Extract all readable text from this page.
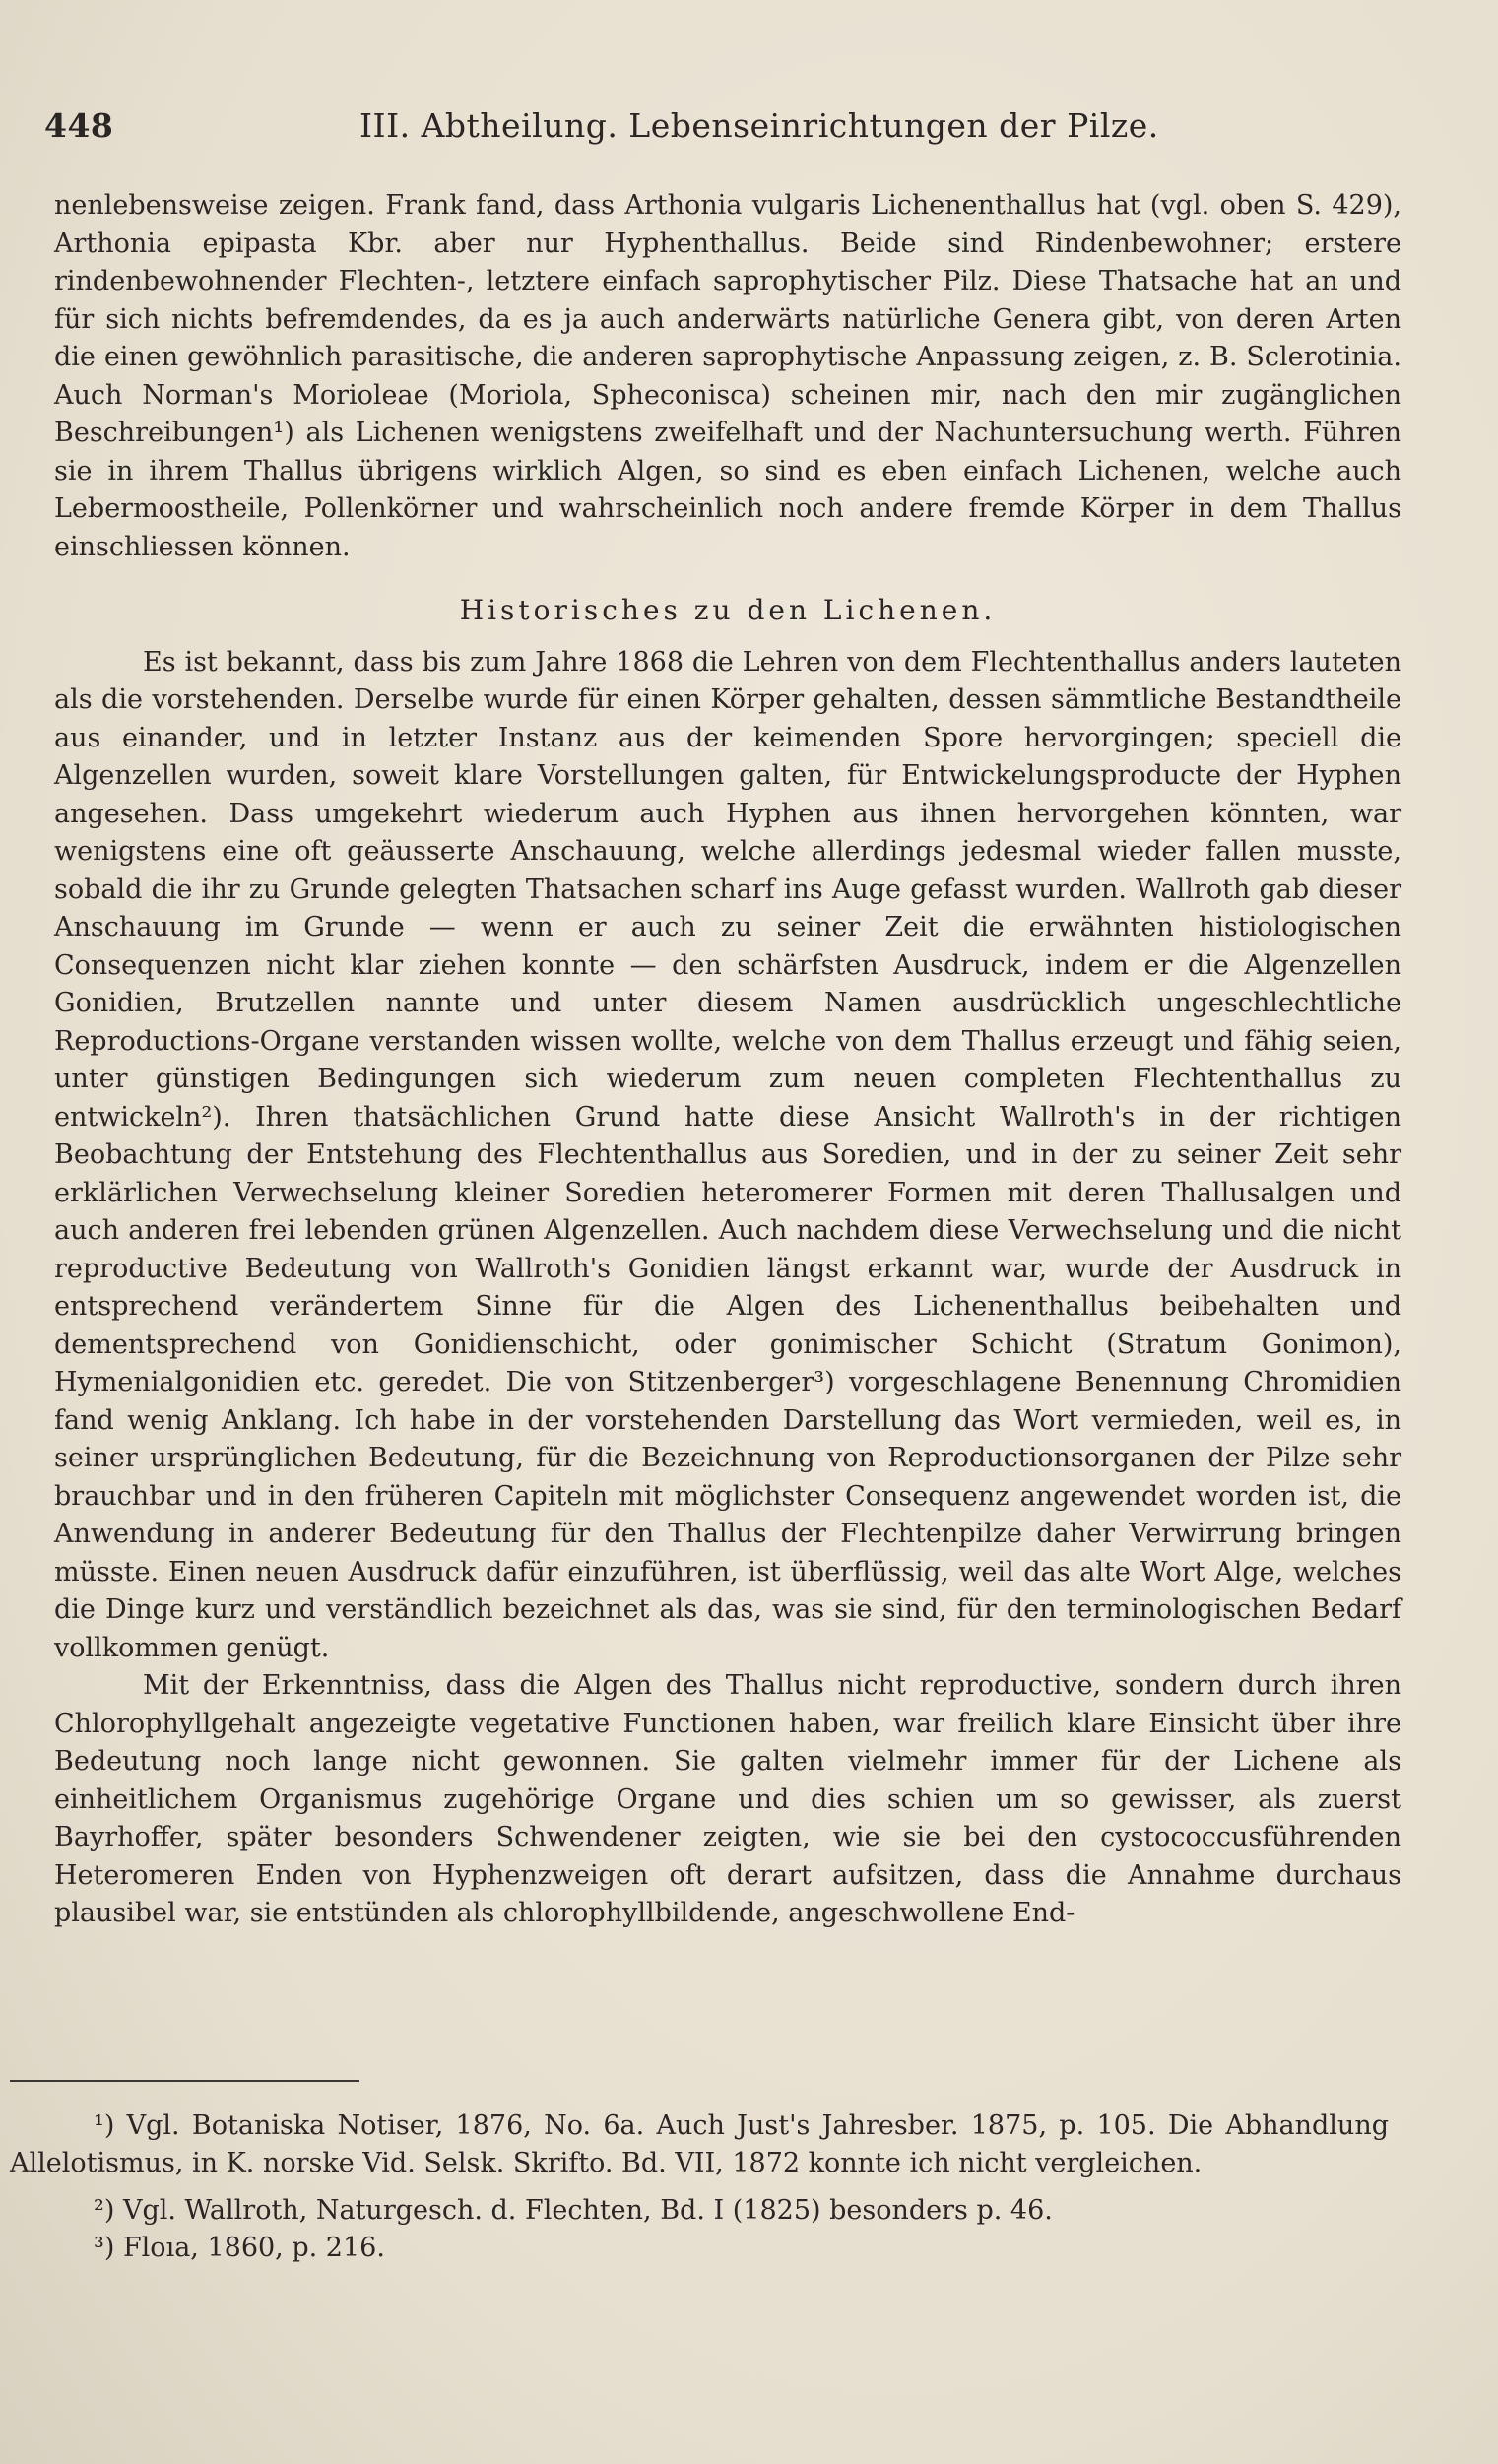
448	III. Abtheilung. Lebenseinrichtungen der Pilze.

nenlebensweise zeigen. Frank fand, dass Arthonia vulgaris Lichenenthallus hat (vgl. oben S. 429), Arthonia epipasta Kbr. aber nur Hyphenthallus. Beide sind Rindenbewohner; erstere rindenbewohnender Flechten-, letztere einfach saprophytischer Pilz. Diese Thatsache hat an und für sich nichts befremdendes, da es ja auch anderwärts natürliche Genera gibt, von deren Arten die einen gewöhnlich parasitische, die anderen saprophytische Anpassung zeigen, z. B. Sclerotinia. Auch Norman's Morioleae (Moriola, Spheconisca) scheinen mir, nach den mir zugänglichen Beschreibungen¹) als Lichenen wenigstens zweifelhaft und der Nachuntersuchung werth. Führen sie in ihrem Thallus übrigens wirklich Algen, so sind es eben einfach Lichenen, welche auch Lebermoostheile, Pollenkörner und wahrscheinlich noch andere fremde Körper in dem Thallus einschliessen können.

Historisches zu den Lichenen.

Es ist bekannt, dass bis zum Jahre 1868 die Lehren von dem Flechtenthallus anders lauteten als die vorstehenden. Derselbe wurde für einen Körper gehalten, dessen sämmtliche Bestandtheile aus einander, und in letzter Instanz aus der keimenden Spore hervorgingen; speciell die Algenzellen wurden, soweit klare Vorstellungen galten, für Entwickelungsproducte der Hyphen angesehen. Dass umgekehrt wiederum auch Hyphen aus ihnen hervorgehen könnten, war wenigstens eine oft geäusserte Anschauung, welche allerdings jedesmal wieder fallen musste, sobald die ihr zu Grunde gelegten Thatsachen scharf ins Auge gefasst wurden. Wallroth gab dieser Anschauung im Grunde — wenn er auch zu seiner Zeit die erwähnten histiologischen Consequenzen nicht klar ziehen konnte — den schärfsten Ausdruck, indem er die Algenzellen Gonidien, Brutzellen nannte und unter diesem Namen ausdrücklich ungeschlechtliche Reproductions-Organe verstanden wissen wollte, welche von dem Thallus erzeugt und fähig seien, unter günstigen Bedingungen sich wiederum zum neuen completen Flechtenthallus zu entwickeln²). Ihren thatsächlichen Grund hatte diese Ansicht Wallroth's in der richtigen Beobachtung der Entstehung des Flechtenthallus aus Soredien, und in der zu seiner Zeit sehr erklärlichen Verwechselung kleiner Soredien heteromerer Formen mit deren Thallusalgen und auch anderen frei lebenden grünen Algenzellen. Auch nachdem diese Verwechselung und die nicht reproductive Bedeutung von Wallroth's Gonidien längst erkannt war, wurde der Ausdruck in entsprechend verändertem Sinne für die Algen des Lichenenthallus beibehalten und dementsprechend von Gonidienschicht, oder gonimischer Schicht (Stratum Gonimon), Hymenialgonidien etc. geredet. Die von Stitzenberger³) vorgeschlagene Benennung Chromidien fand wenig Anklang. Ich habe in der vorstehenden Darstellung das Wort vermieden, weil es, in seiner ursprünglichen Bedeutung, für die Bezeichnung von Reproductionsorganen der Pilze sehr brauchbar und in den früheren Capiteln mit möglichster Consequenz angewendet worden ist, die Anwendung in anderer Bedeutung für den Thallus der Flechtenpilze daher Verwirrung bringen müsste. Einen neuen Ausdruck dafür einzuführen, ist überflüssig, weil das alte Wort Alge, welches die Dinge kurz und verständlich bezeichnet als das, was sie sind, für den terminologischen Bedarf vollkommen genügt.

Mit der Erkenntniss, dass die Algen des Thallus nicht reproductive, sondern durch ihren Chlorophyllgehalt angezeigte vegetative Functionen haben, war freilich klare Einsicht über ihre Bedeutung noch lange nicht gewonnen. Sie galten vielmehr immer für der Lichene als einheitlichem Organismus zugehörige Organe und dies schien um so gewisser, als zuerst Bayrhoffer, später besonders Schwendener zeigten, wie sie bei den cystococcusführenden Heteromeren Enden von Hyphenzweigen oft derart aufsitzen, dass die Annahme durchaus plausibel war, sie entstünden als chlorophyllbildende, angeschwollene End-

¹) Vgl. Botaniska Notiser, 1876, No. 6a. Auch Just's Jahresber. 1875, p. 105. Die Abhandlung Allelotismus, in K. norske Vid. Selsk. Skrifto. Bd. VII, 1872 konnte ich nicht vergleichen.

²) Vgl. Wallroth, Naturgesch. d. Flechten, Bd. I (1825) besonders p. 46.

³) Floıa, 1860, p. 216.
